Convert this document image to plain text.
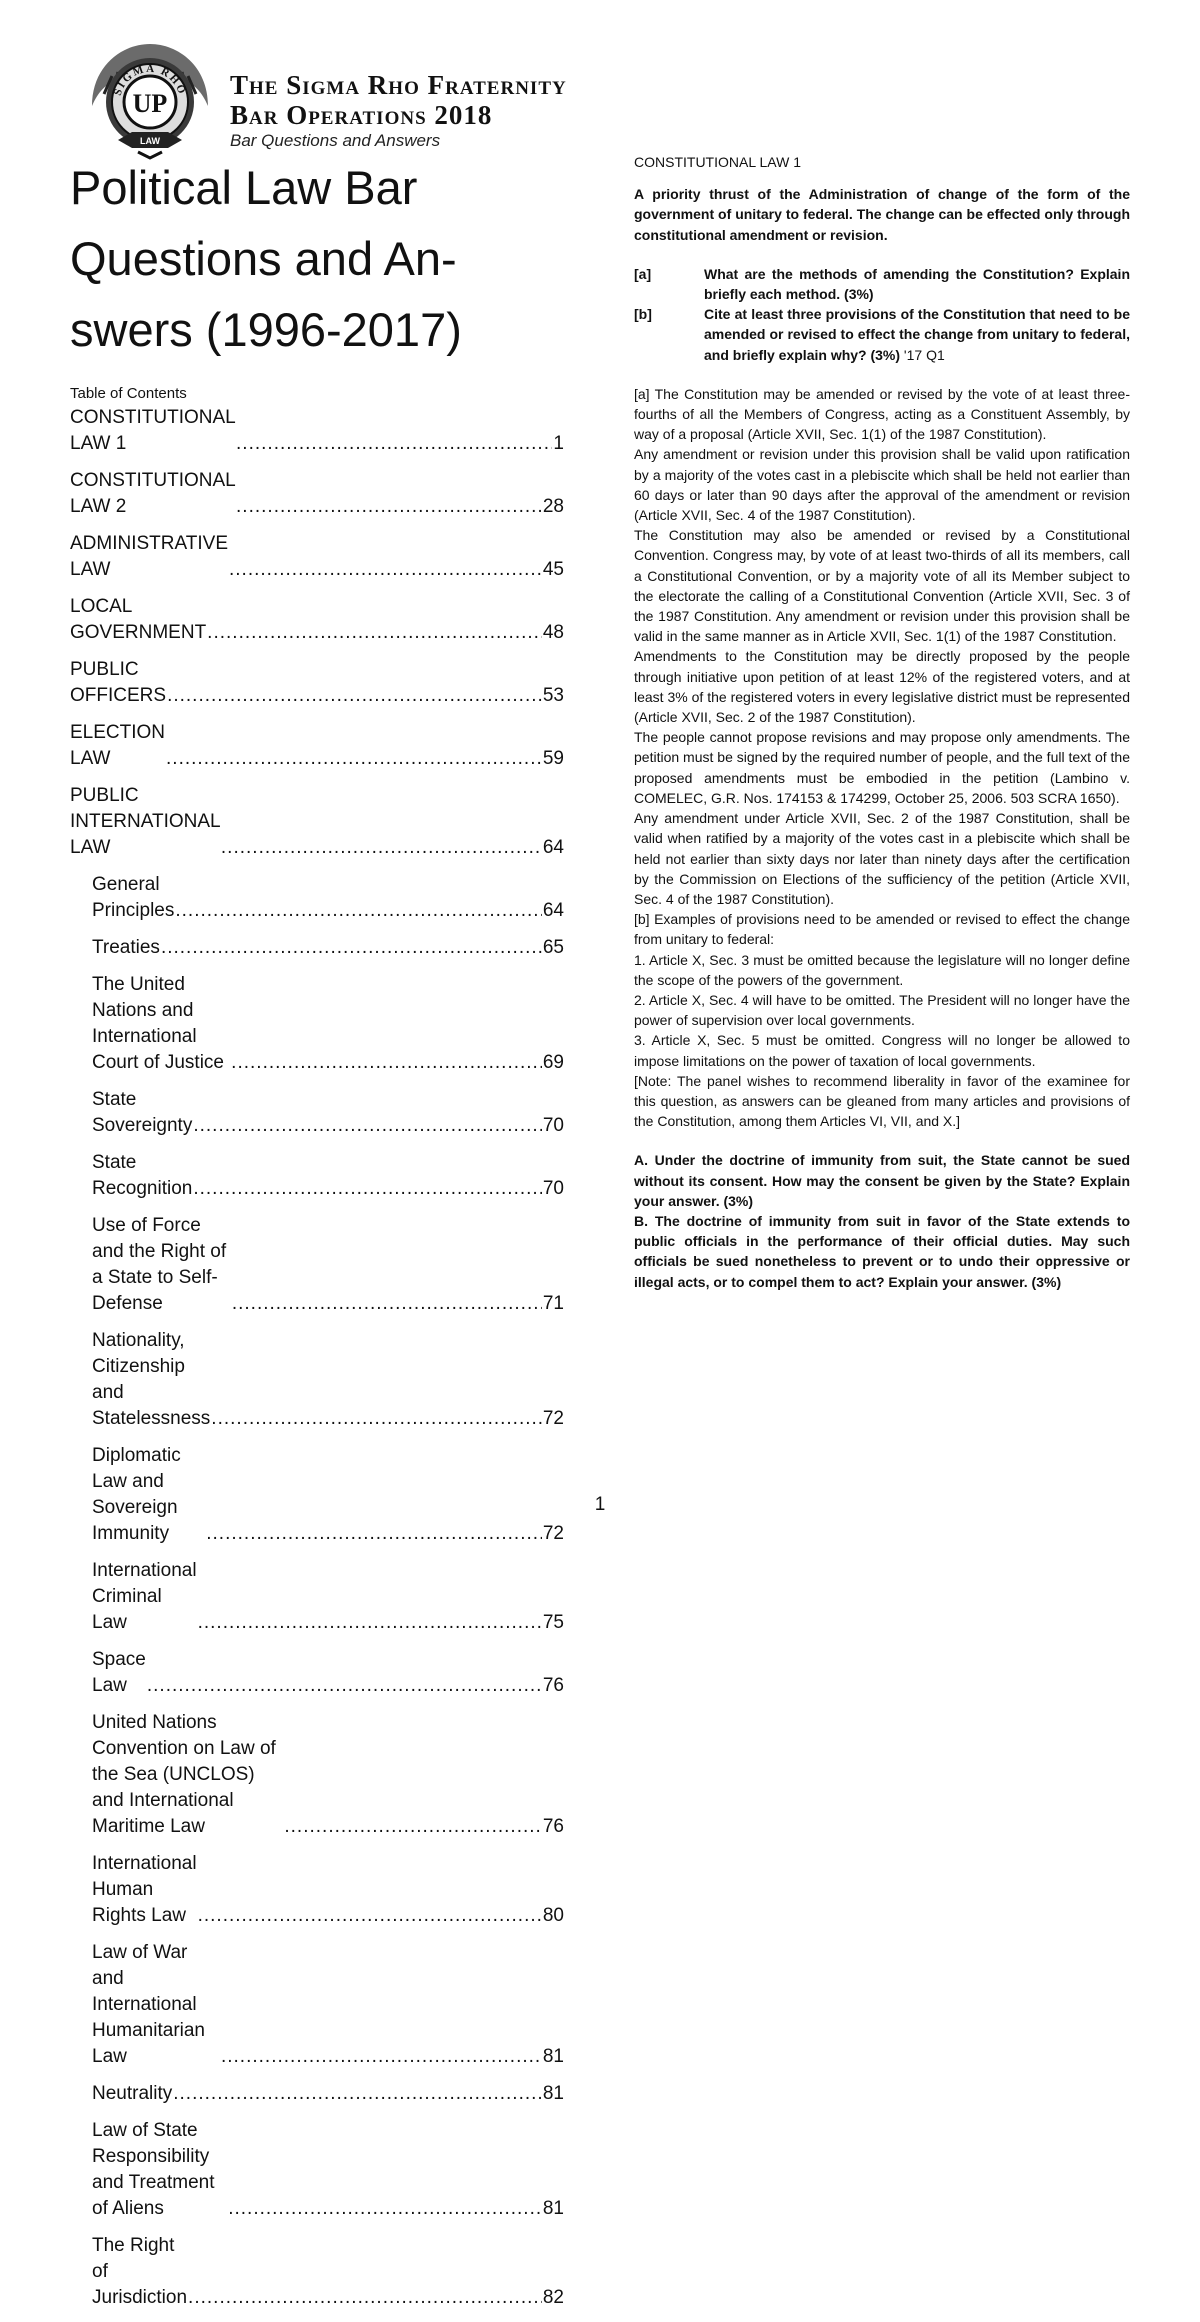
SIGMA RHO
UP
LAW
The Sigma Rho Fraternity
Bar Operations 2018
Bar Questions and Answers
Political Law Bar
Questions and An-
swers (1996-2017)
Table of Contents
CONSTITUTIONAL LAW 1 .....	1
CONSTITUTIONAL LAW 2 .....	28
ADMINISTRATIVE LAW .....	45
LOCAL GOVERNMENT .....	48
PUBLIC OFFICERS .....	53
ELECTION LAW .....	59
PUBLIC INTERNATIONAL LAW .....	64
General Principles .....	64
Treaties .....	65
The United Nations and International Court of Justice .....	69
State Sovereignty .....	70
State Recognition .....	70
Use of Force and the Right of a State to Self-Defense .....	71
Nationality, Citizenship and Statelessness .....	72
Diplomatic Law and Sovereign Immunity .....	72
International Criminal Law .....	75
Space Law .....	76
United Nations Convention on Law of the Sea (UNCLOS) and International Maritime Law .....	76
International Human Rights Law .....	80
Law of War and International Humanitarian Law .....	81
Neutrality .....	81
Law of State Responsibility and Treatment of Aliens .....	81
The Right of Jurisdiction .....	82
CONSTITUTIONAL LAW 1
A priority thrust of the Administration of change of the form of the government of unitary to federal. The change can be effected only through constitutional amendment or revision.
[a]	What are the methods of amending the Constitution? Explain briefly each method. (3%)
[b]	Cite at least three provisions of the Constitution that need to be amended or revised to effect the change from unitary to federal, and briefly explain why? (3%) '17 Q1

[a] The Constitution may be amended or revised by the vote of at least three-fourths of all the Members of Congress, acting as a Constituent Assembly, by way of a proposal (Article XVII, Sec. 1(1) of the 1987 Constitution).

Any amendment or revision under this provision shall be valid upon ratification by a majority of the votes cast in a plebiscite which shall be held not earlier than 60 days or later than 90 days after the approval of the amendment or revision (Article XVII, Sec. 4 of the 1987 Constitution).

The Constitution may also be amended or revised by a Constitutional Convention. Congress may, by vote of at least two-thirds of all its members, call a Constitutional Convention, or by a majority vote of all its Member subject to the electorate the calling of a Constitutional Convention (Article XVII, Sec. 3 of the 1987 Constitution. Any amendment or revision under this provision shall be valid in the same manner as in Article XVII, Sec. 1(1) of the 1987 Constitution.

Amendments to the Constitution may be directly proposed by the people through initiative upon petition of at least 12% of the registered voters, and at least 3% of the registered voters in every legislative district must be represented (Article XVII, Sec. 2 of the 1987 Constitution).

The people cannot propose revisions and may propose only amendments. The petition must be signed by the required number of people, and the full text of the proposed amendments must be embodied in the petition (Lambino v. COMELEC, G.R. Nos. 174153 & 174299, October 25, 2006. 503 SCRA 1650).

Any amendment under Article XVII, Sec. 2 of the 1987 Constitution, shall be valid when ratified by a majority of the votes cast in a plebiscite which shall be held not earlier than sixty days nor later than ninety days after the certification by the Commission on Elections of the sufficiency of the petition (Article XVII, Sec. 4 of the 1987 Constitution).

[b] Examples of provisions need to be amended or revised to effect the change from unitary to federal:

1. Article X, Sec. 3 must be omitted because the legislature will no longer define the scope of the powers of the government.

2. Article X, Sec. 4 will have to be omitted. The President will no longer have the power of supervision over local governments.

3. Article X, Sec. 5 must be omitted. Congress will no longer be allowed to impose limitations on the power of taxation of local governments.

[Note: The panel wishes to recommend liberality in favor of the examinee for this question, as answers can be gleaned from many articles and provisions of the Constitution, among them Articles VI, VII, and X.]

A. Under the doctrine of immunity from suit, the State cannot be sued without its consent. How may the consent be given by the State? Explain your answer. (3%)
B. The doctrine of immunity from suit in favor of the State extends to public officials in the performance of their official duties. May such officials be sued nonetheless to prevent or to undo their oppressive or illegal acts, or to compel them to act? Explain your answer. (3%)
1
